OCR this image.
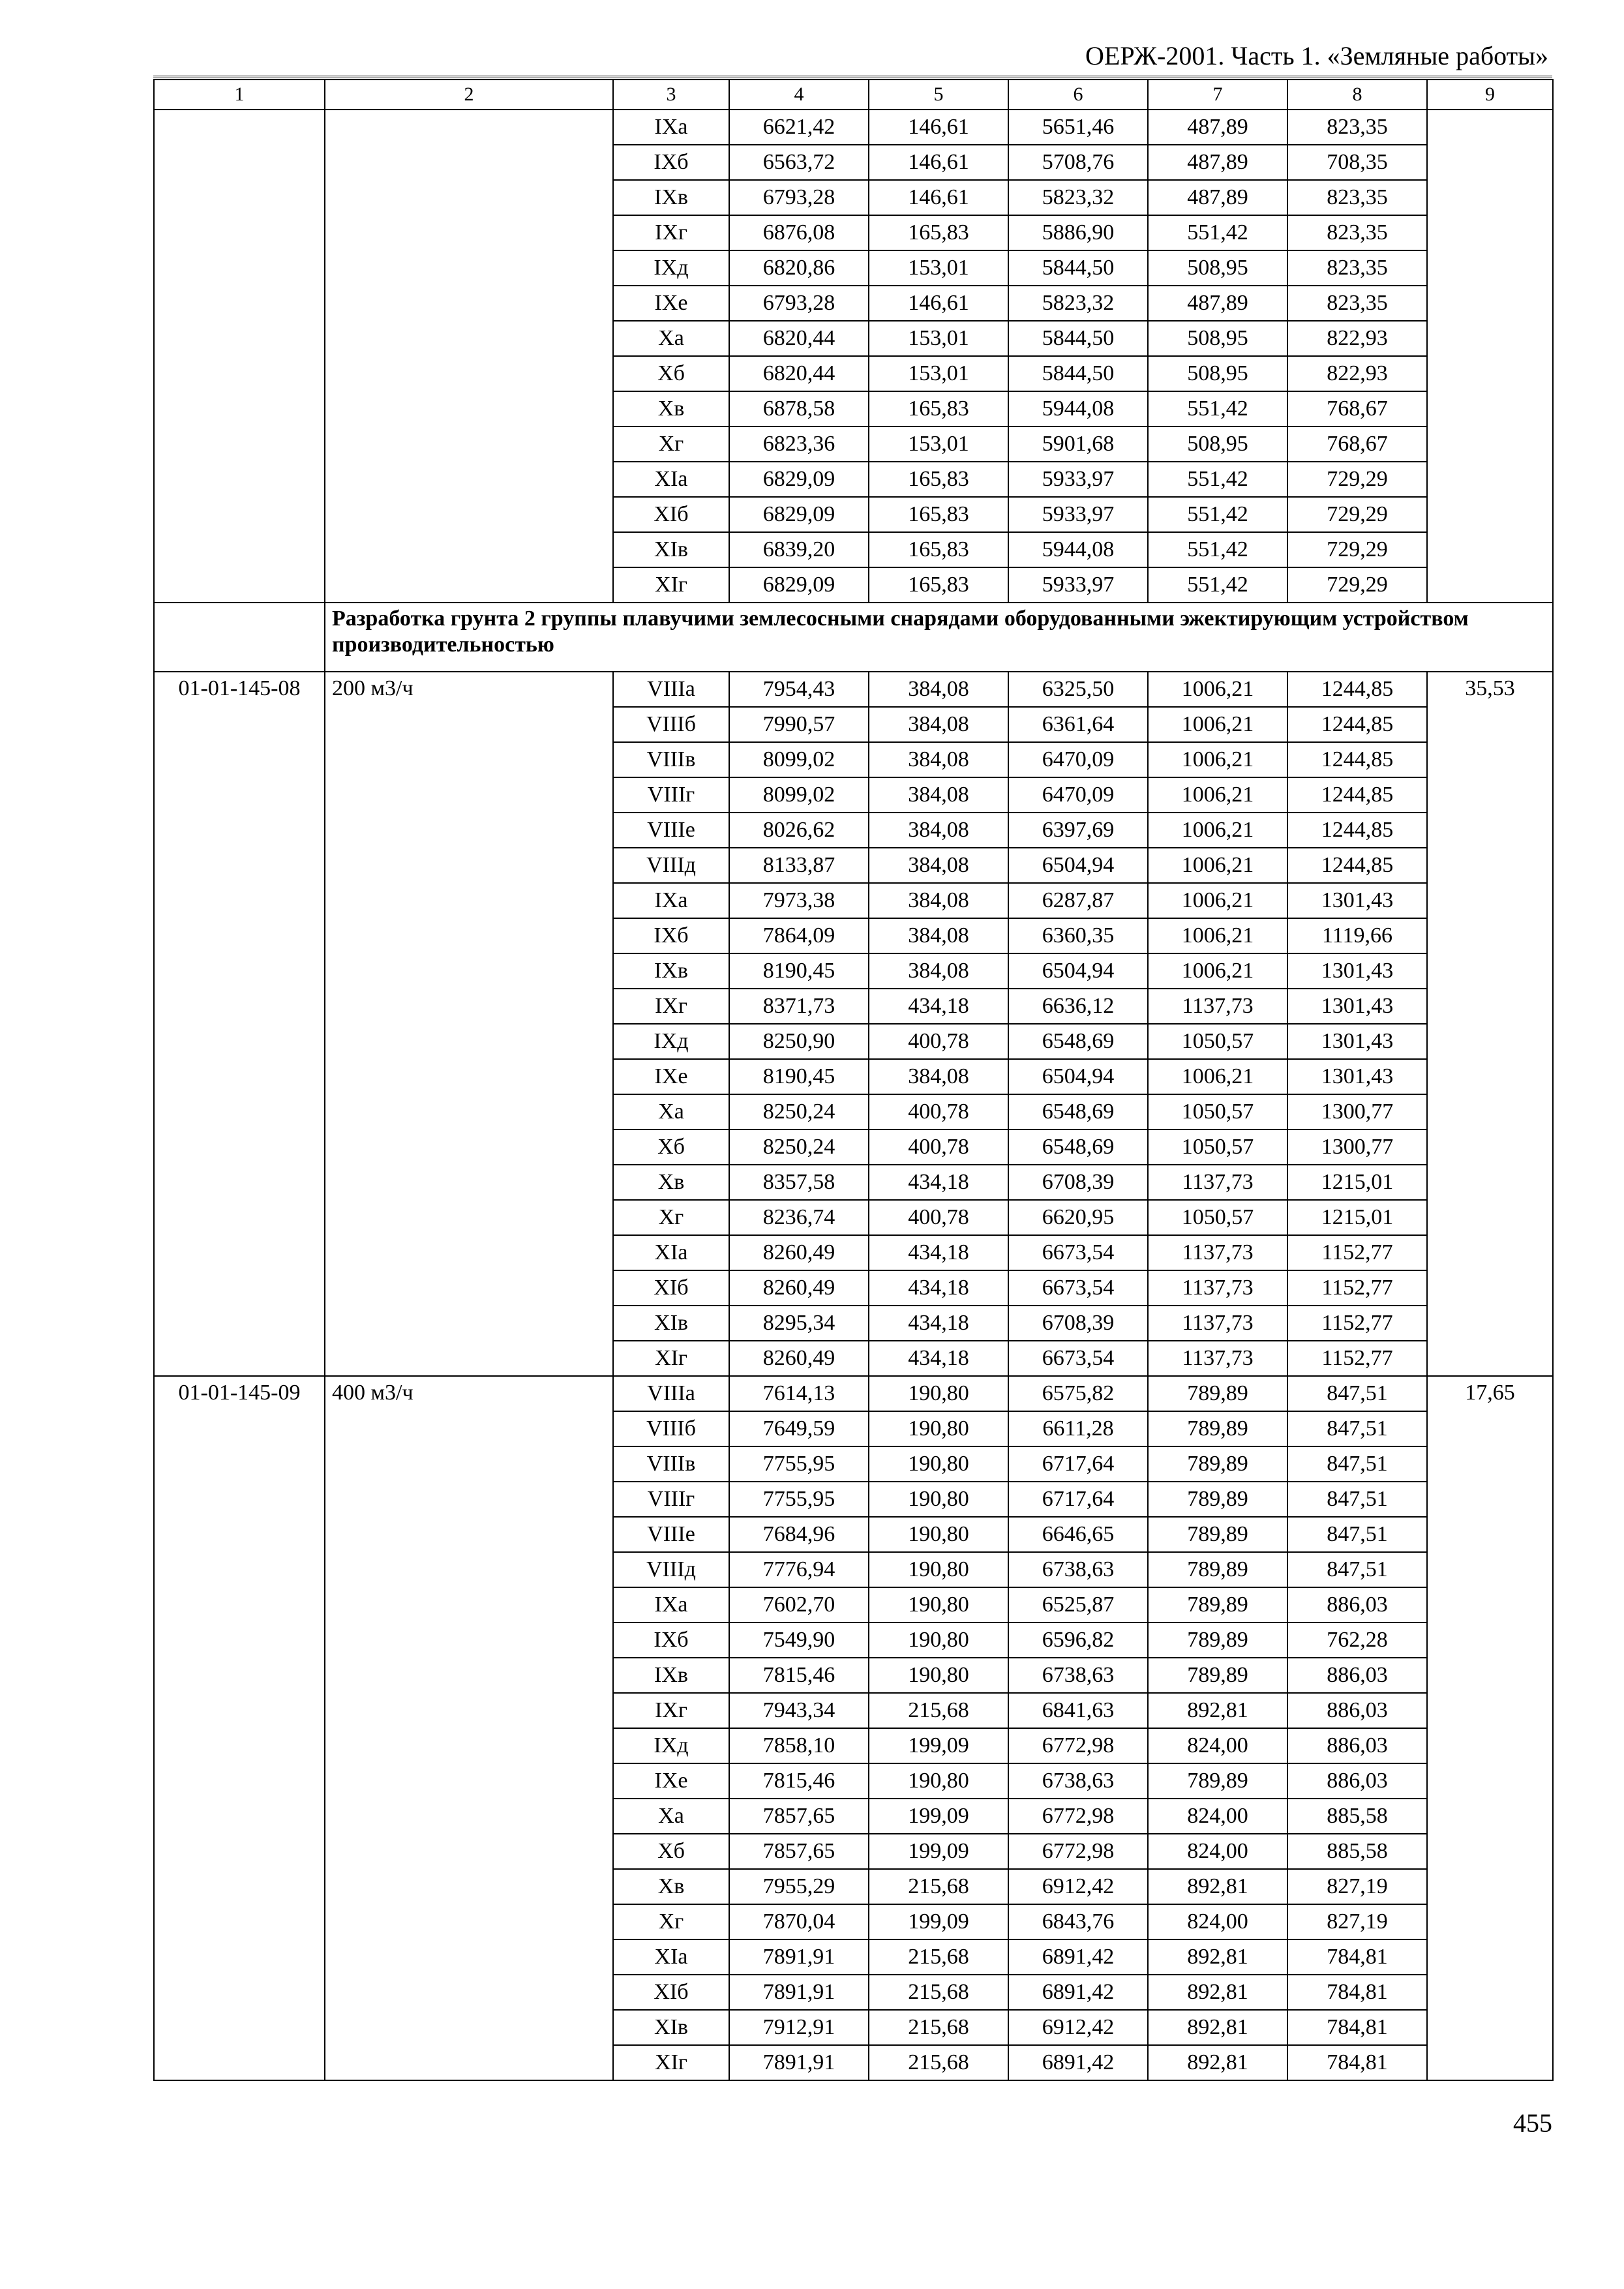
ОЕРЖ-2001. Часть 1. «Земляные работы»
1	2	3	4	5	6	7	8	9
		IXа	6621,42	146,61	5651,46	487,89	823,35	
		IXб	6563,72	146,61	5708,76	487,89	708,35	
		IXв	6793,28	146,61	5823,32	487,89	823,35	
		IXг	6876,08	165,83	5886,90	551,42	823,35	
		IXд	6820,86	153,01	5844,50	508,95	823,35	
		IXе	6793,28	146,61	5823,32	487,89	823,35	
		Xа	6820,44	153,01	5844,50	508,95	822,93	
		Xб	6820,44	153,01	5844,50	508,95	822,93	
		Xв	6878,58	165,83	5944,08	551,42	768,67	
		Xг	6823,36	153,01	5901,68	508,95	768,67	
		XIа	6829,09	165,83	5933,97	551,42	729,29	
		XIб	6829,09	165,83	5933,97	551,42	729,29	
		XIв	6839,20	165,83	5944,08	551,42	729,29	
		XIг	6829,09	165,83	5933,97	551,42	729,29	
	Разработка грунта 2 группы плавучими землесосными снарядами оборудованными эжектирующим устройством производительностью							
01-01-145-08	200 м3/ч	VIIIа	7954,43	384,08	6325,50	1006,21	1244,85	35,53
		VIIIб	7990,57	384,08	6361,64	1006,21	1244,85	
		VIIIв	8099,02	384,08	6470,09	1006,21	1244,85	
		VIIIг	8099,02	384,08	6470,09	1006,21	1244,85	
		VIIIе	8026,62	384,08	6397,69	1006,21	1244,85	
		VIIIд	8133,87	384,08	6504,94	1006,21	1244,85	
		IXа	7973,38	384,08	6287,87	1006,21	1301,43	
		IXб	7864,09	384,08	6360,35	1006,21	1119,66	
		IXв	8190,45	384,08	6504,94	1006,21	1301,43	
		IXг	8371,73	434,18	6636,12	1137,73	1301,43	
		IXд	8250,90	400,78	6548,69	1050,57	1301,43	
		IXе	8190,45	384,08	6504,94	1006,21	1301,43	
		Xа	8250,24	400,78	6548,69	1050,57	1300,77	
		Xб	8250,24	400,78	6548,69	1050,57	1300,77	
		Xв	8357,58	434,18	6708,39	1137,73	1215,01	
		Xг	8236,74	400,78	6620,95	1050,57	1215,01	
		XIа	8260,49	434,18	6673,54	1137,73	1152,77	
		XIб	8260,49	434,18	6673,54	1137,73	1152,77	
		XIв	8295,34	434,18	6708,39	1137,73	1152,77	
		XIг	8260,49	434,18	6673,54	1137,73	1152,77	
01-01-145-09	400 м3/ч	VIIIа	7614,13	190,80	6575,82	789,89	847,51	17,65
		VIIIб	7649,59	190,80	6611,28	789,89	847,51	
		VIIIв	7755,95	190,80	6717,64	789,89	847,51	
		VIIIг	7755,95	190,80	6717,64	789,89	847,51	
		VIIIе	7684,96	190,80	6646,65	789,89	847,51	
		VIIIд	7776,94	190,80	6738,63	789,89	847,51	
		IXа	7602,70	190,80	6525,87	789,89	886,03	
		IXб	7549,90	190,80	6596,82	789,89	762,28	
		IXв	7815,46	190,80	6738,63	789,89	886,03	
		IXг	7943,34	215,68	6841,63	892,81	886,03	
		IXд	7858,10	199,09	6772,98	824,00	886,03	
		IXе	7815,46	190,80	6738,63	789,89	886,03	
		Xа	7857,65	199,09	6772,98	824,00	885,58	
		Xб	7857,65	199,09	6772,98	824,00	885,58	
		Xв	7955,29	215,68	6912,42	892,81	827,19	
		Xг	7870,04	199,09	6843,76	824,00	827,19	
		XIа	7891,91	215,68	6891,42	892,81	784,81	
		XIб	7891,91	215,68	6891,42	892,81	784,81	
		XIв	7912,91	215,68	6912,42	892,81	784,81	
		XIг	7891,91	215,68	6891,42	892,81	784,81	
455
